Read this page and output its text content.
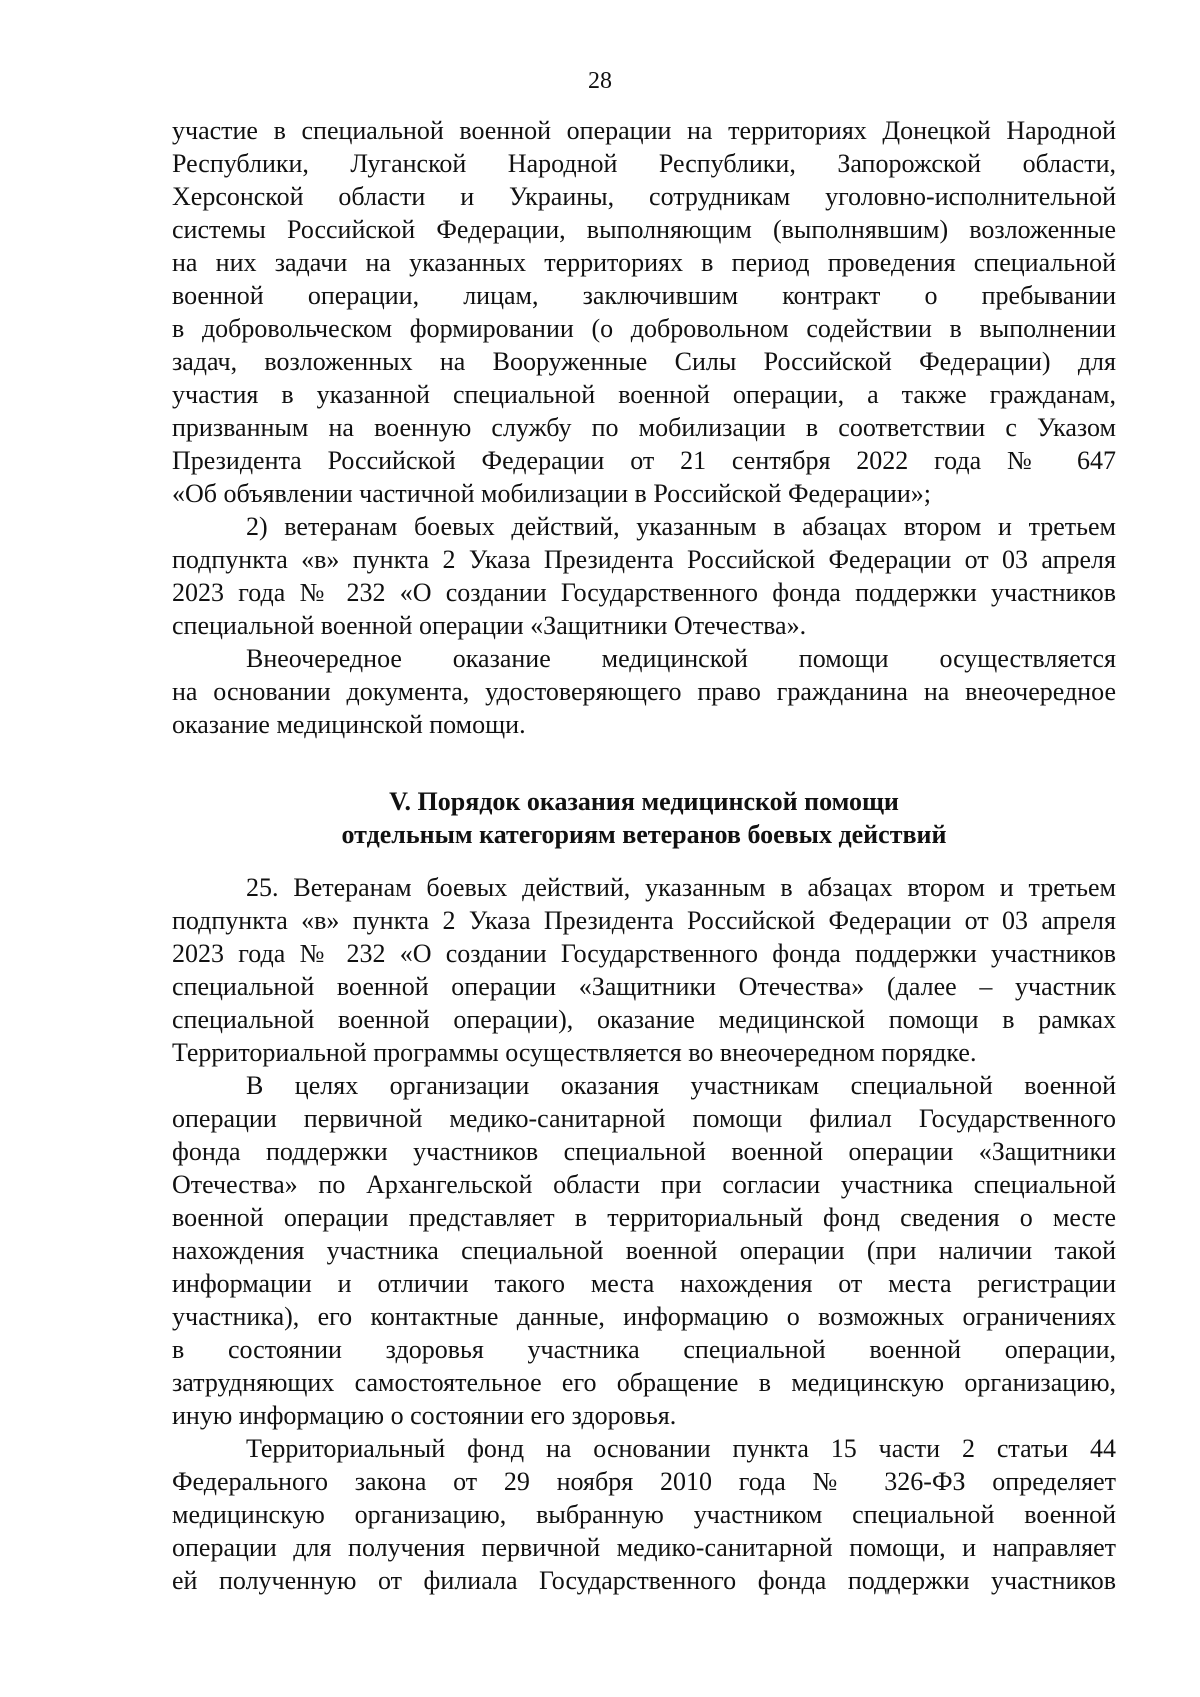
28
участие в специальной военной операции на территориях Донецкой Народной
Республики, Луганской Народной Республики, Запорожской области,
Херсонской области и Украины, сотрудникам уголовно-исполнительной
системы Российской Федерации, выполняющим (выполнявшим) возложенные
на них задачи на указанных территориях в период проведения специальной
военной операции, лицам, заключившим контракт о пребывании
в добровольческом формировании (о добровольном содействии в выполнении
задач, возложенных на Вооруженные Силы Российской Федерации) для
участия в указанной специальной военной операции, а также гражданам,
призванным на военную службу по мобилизации в соответствии с Указом
Президента Российской Федерации от 21 сентября 2022 года № 647
«Об объявлении частичной мобилизации в Российской Федерации»;
2) ветеранам боевых действий, указанным в абзацах втором и третьем
подпункта «в» пункта 2 Указа Президента Российской Федерации от 03 апреля
2023 года № 232 «О создании Государственного фонда поддержки участников
специальной военной операции «Защитники Отечества».
Внеочередное оказание медицинской помощи осуществляется
на основании документа, удостоверяющего право гражданина на внеочередное
оказание медицинской помощи.
V. Порядок оказания медицинской помощи
отдельным категориям ветеранов боевых действий
25. Ветеранам боевых действий, указанным в абзацах втором и третьем
подпункта «в» пункта 2 Указа Президента Российской Федерации от 03 апреля
2023 года № 232 «О создании Государственного фонда поддержки участников
специальной военной операции «Защитники Отечества» (далее – участник
специальной военной операции), оказание медицинской помощи в рамках
Территориальной программы осуществляется во внеочередном порядке.
В целях организации оказания участникам специальной военной
операции первичной медико-санитарной помощи филиал Государственного
фонда поддержки участников специальной военной операции «Защитники
Отечества» по Архангельской области при согласии участника специальной
военной операции представляет в территориальный фонд сведения о месте
нахождения участника специальной военной операции (при наличии такой
информации и отличии такого места нахождения от места регистрации
участника), его контактные данные, информацию о возможных ограничениях
в состоянии здоровья участника специальной военной операции,
затрудняющих самостоятельное его обращение в медицинскую организацию,
иную информацию о состоянии его здоровья.
Территориальный фонд на основании пункта 15 части 2 статьи 44
Федерального закона от 29 ноября 2010 года № 326-ФЗ определяет
медицинскую организацию, выбранную участником специальной военной
операции для получения первичной медико-санитарной помощи, и направляет
ей полученную от филиала Государственного фонда поддержки участников
